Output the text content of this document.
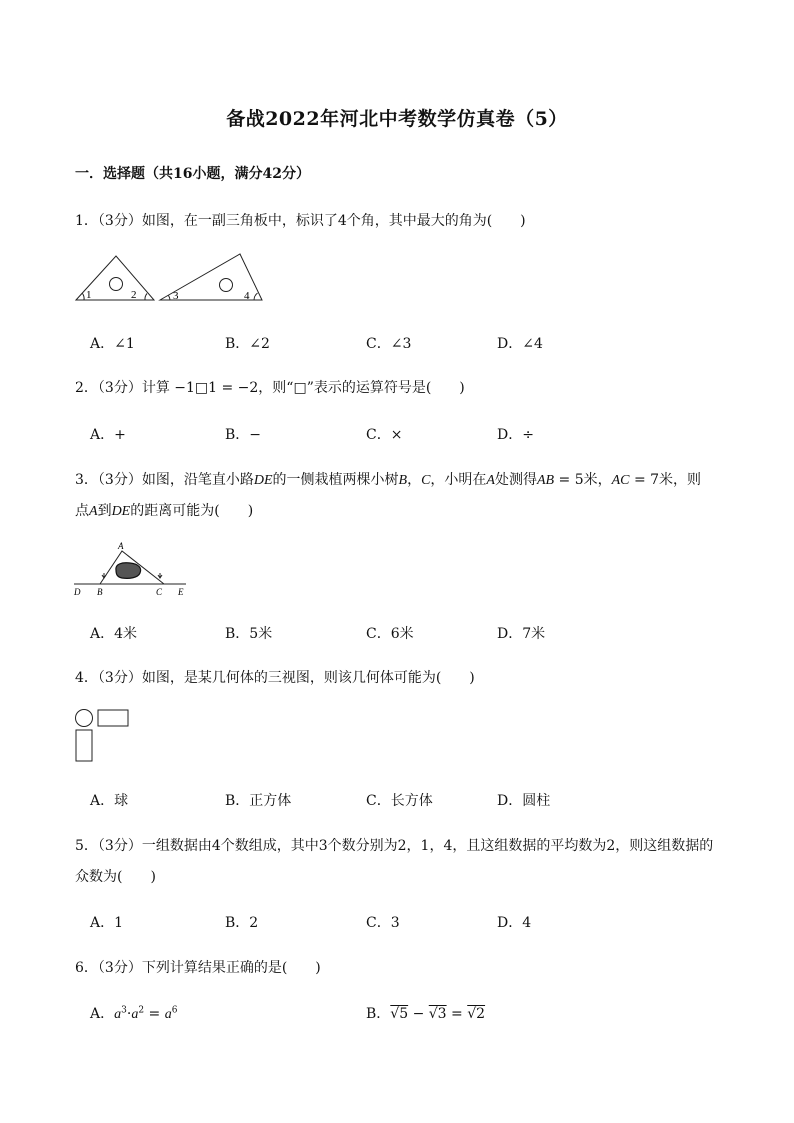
备战2022年河北中考数学仿真卷（5）
一．选择题（共16小题，满分42分）
1．（3分）如图，在一副三角板中，标识了4个角，其中最大的角为(　　)
1	2	3	4
A．∠1	B．∠2	C．∠3	D．∠4
2．（3分）计算 −1□1 = −2，则“□”表示的运算符号是(　　)
A．+	B．−	C．×	D．÷
3．（3分）如图，沿笔直小路DE的一侧栽植两棵小树B，C，小明在A处测得AB = 5米，AC = 7米，则
点A到DE的距离可能为(　　)
A
D B	C E
A．4米	B．5米	C．6米	D．7米
4．（3分）如图，是某几何体的三视图，则该几何体可能为(　　)
A．球	B．正方体	C．长方体	D．圆柱
5．（3分）一组数据由4个数组成，其中3个数分别为2，1，4，且这组数据的平均数为2，则这组数据的
众数为(　　)
A．1	B．2	C．3	D．4
6．（3分）下列计算结果正确的是(　　)
A．$a^3\cdot a^2 = a^6$	B．√5 − √3 = √2
